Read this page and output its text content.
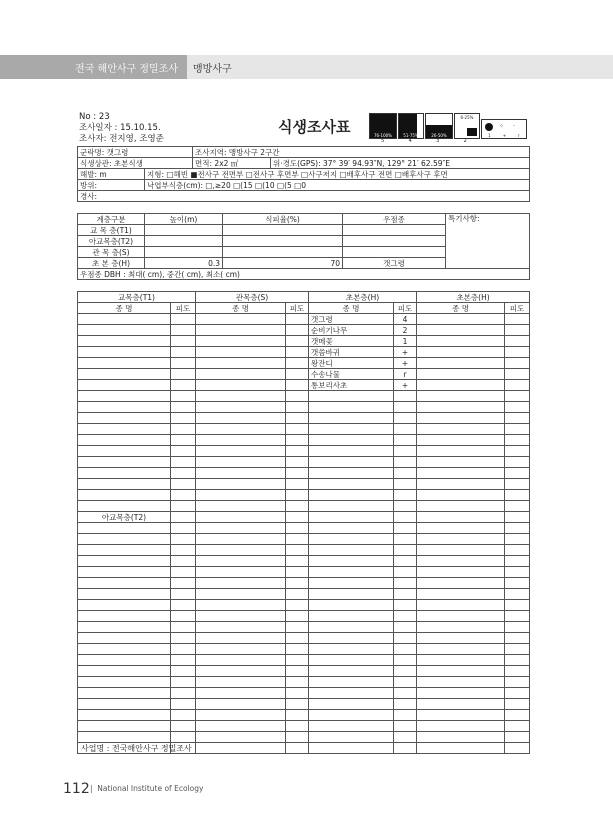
전국 해안사구 정밀조사	맹방사구
No : 23
조사일자 : 15.10.15.
조사자: 전지영, 조영준
식생조사표	76-100%	51-75%	26-50%
6-25%
⁘ ·
1	+	r
5	4	3	2
군락명: 갯그령		조사지역: 맹방사구 2구간	
식생상관: 초본식생		면적: 2x2 ㎡	위·경도(GPS): 37° 39′ 94.93″N, 129° 21′ 62.59″E
해발: m	지형: □해빈 ■전사구 전면부 □전사구 후면부 □사구저지 □배후사구 전면 □배후사구 후면		
방위:	낙엽부식층(cm): □,≥20 □(15 □(10 □(5 □0		
경사:			
계층구분	높이(m)	식피율(%)	우점종	특기사항:
교 목 층(T1)				
아교목층(T2)				
관 목 층(S)				
초 본 층(H)	0.3	70	갯그령	
우점종 DBH : 최대( cm), 중간( cm), 최소( cm)				
교목층(T1)		관목층(S)		초본층(H)		초본층(H)	
종 명	피도	종 명	피도	종 명	피도	종 명	피도
				갯그령	4		
				순비기나무	2		
				갯메꽃	1		
				갯씀바귀	+		
				왕잔디	+		
				수송나물	r		
				통보리사초	+		

아교목층(T2)							

사업명 : 전국해안사구 정밀조사
112 |  National Institute of Ecology
